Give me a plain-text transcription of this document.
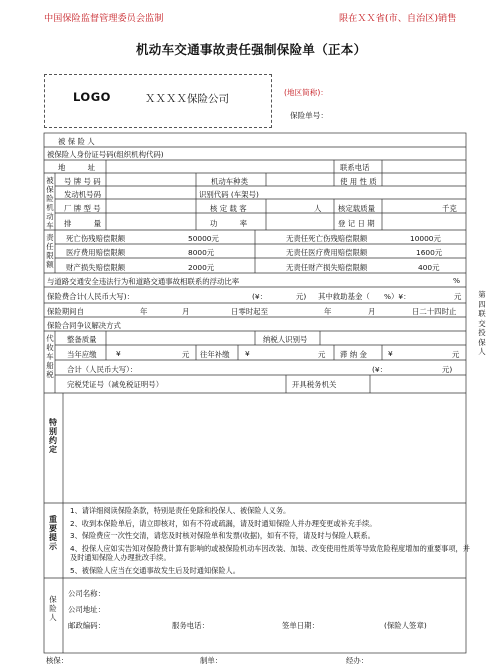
中国保险监督管理委员会监制	限在ＸＸ省(市、自治区)销售
机动车交通事故责任强制保险单（正本）
LOGO	ＸＸＸＸ保险公司
(地区简称)：
保险单号：
被 保 险 人
被保险人身份证号码(组织机构代码)
地　　　址	联系电话
被保险机动车
号 牌 号 码	机动车种类	使 用 性 质
发动机号码	识别代码 (车架号)
厂 牌 型 号	核 定 载 客	人 核定载质量	千克
排　　　量	功　　　率	登 记 日 期
责任限额
死亡伤残赔偿限额	50000元	无责任死亡伤残赔偿限额	10000元
医疗费用赔偿限额	8000元	无责任医疗费用赔偿限额	1600元
财产损失赔偿限额	2000元	无责任财产损失赔偿限额	400元
与道路交通安全违法行为和道路交通事故相联系的浮动比率	%
保险费合计(人民币大写)：	(¥：	元) 其中救助基金（ %）¥：	元
保险期间自	年	月	日零时起至	年	月	日二十四时止
保险合同争议解决方式
代收车船税
整备质量	纳税人识别号
当年应缴	¥	元 往年补缴 ¥	元 滞 纳 金	¥	元
合计（人民币大写）：	(¥：	元)
完税凭证号（减免税证明号）	开具税务机关
特别约定
重要提示
1、请详细阅读保险条款，特别是责任免除和投保人、被保险人义务。
2、收到本保险单后，请立即核对，如有不符或疏漏，请及时通知保险人并办理变更或补充手续。
3、保险费应一次性交清，请您及时核对保险单和发票(收据)，如有不符，请及时与保险人联系。
4、投保人应如实告知对保险费计算有影响的或被保险机动车因改装、加装、改变使用性质等导致危险程度增加的重要事项，并及时通知保险人办理批改手续。
5、被保险人应当在交通事故发生后及时通知保险人。
保险人
公司名称：
公司地址：
邮政编码：	服务电话：	签单日期：	(保险人签章)
核保：	制单：	经办：
第四联 交投保人
